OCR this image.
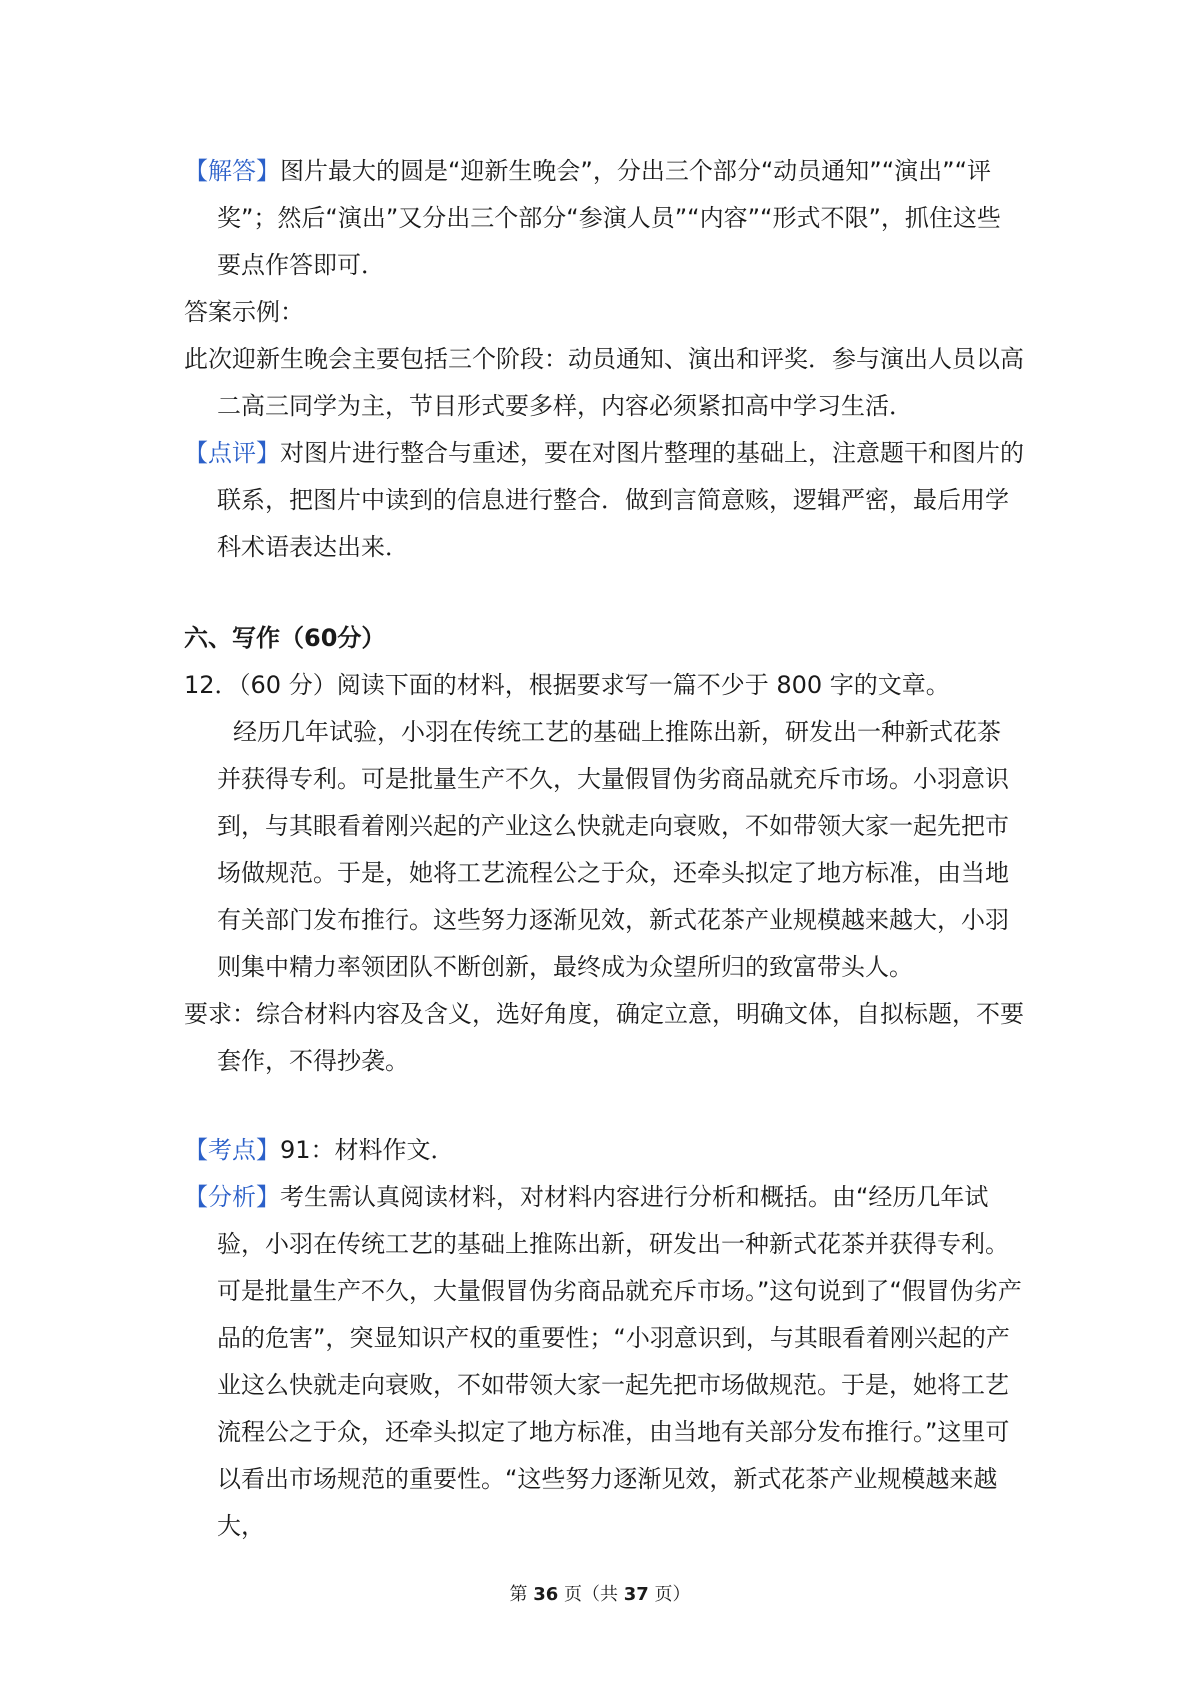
【解答】图片最大的圆是“迎新生晚会”，分出三个部分“动员通知”“演出”“评奖”；然后“演出”又分出三个部分“参演人员”“内容”“形式不限”，抓住这些要点作答即可．

答案示例：

此次迎新生晚会主要包括三个阶段：动员通知、演出和评奖．参与演出人员以高二高三同学为主，节目形式要多样，内容必须紧扣高中学习生活．

【点评】对图片进行整合与重述，要在对图片整理的基础上，注意题干和图片的联系，把图片中读到的信息进行整合．做到言简意赅，逻辑严密，最后用学科术语表达出来．

六、写作（60分）

12．（60 分）阅读下面的材料，根据要求写一篇不少于 800 字的文章。

经历几年试验，小羽在传统工艺的基础上推陈出新，研发出一种新式花茶并获得专利。可是批量生产不久，大量假冒伪劣商品就充斥市场。小羽意识到，与其眼看着刚兴起的产业这么快就走向衰败，不如带领大家一起先把市场做规范。于是，她将工艺流程公之于众，还牵头拟定了地方标准，由当地有关部门发布推行。这些努力逐渐见效，新式花茶产业规模越来越大，小羽则集中精力率领团队不断创新，最终成为众望所归的致富带头人。

要求：综合材料内容及含义，选好角度，确定立意，明确文体，自拟标题，不要套作，不得抄袭。

【考点】91：材料作文．

【分析】考生需认真阅读材料，对材料内容进行分析和概括。由“经历几年试验，小羽在传统工艺的基础上推陈出新，研发出一种新式花茶并获得专利。可是批量生产不久，大量假冒伪劣商品就充斥市场。”这句说到了“假冒伪劣产品的危害”，突显知识产权的重要性；“小羽意识到，与其眼看着刚兴起的产业这么快就走向衰败，不如带领大家一起先把市场做规范。于是，她将工艺流程公之于众，还牵头拟定了地方标准，由当地有关部分发布推行。”这里可以看出市场规范的重要性。“这些努力逐渐见效，新式花茶产业规模越来越大，

第 36 页（共 37 页）
